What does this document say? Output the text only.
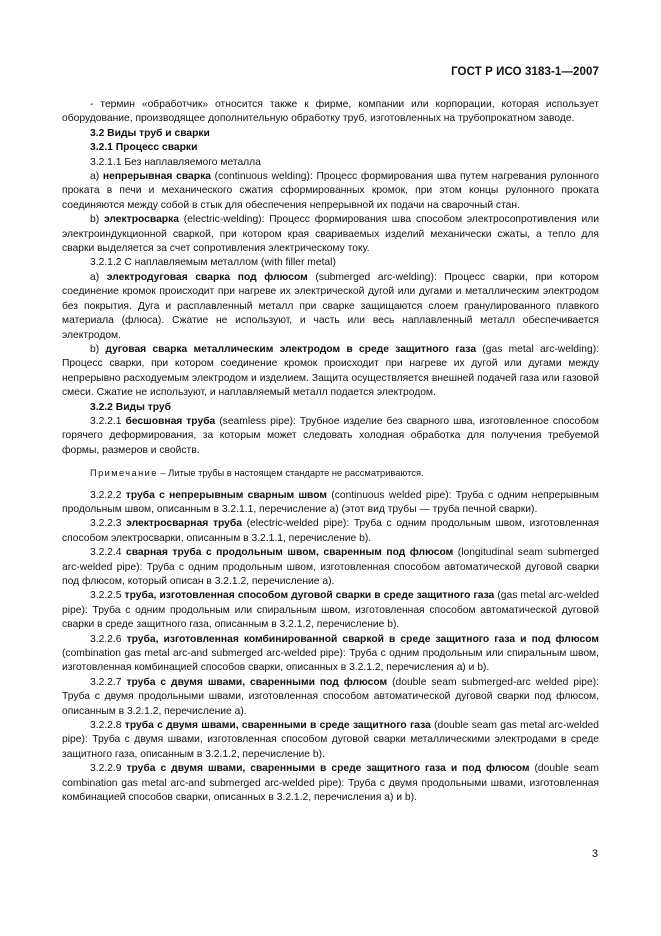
ГОСТ Р ИСО 3183-1—2007

- термин «обработчик» относится также к фирме, компании или корпорации, которая использует оборудование, производящее дополнительную обработку труб, изготовленных на трубопрокатном заводе.

3.2 Виды труб и сварки

3.2.1 Процесс сварки

3.2.1.1 Без наплавляемого металла

а) непрерывная сварка (continuous welding): Процесс формирования шва путем нагревания рулонного проката в печи и механического сжатия сформированных кромок, при этом концы рулонного проката соединяются между собой в стык для обеспечения непрерывной их подачи на сварочный стан.

b) электросварка (electric-welding): Процесс формирования шва способом электросопротивления или электроиндукционной сваркой, при котором края свариваемых изделий механически сжаты, а тепло для сварки выделяется за счет сопротивления электрическому току.

3.2.1.2 С наплавляемым металлом (with filler metal)

а) электродуговая сварка под флюсом (submerged arc-welding): Процесс сварки, при котором соединение кромок происходит при нагреве их электрической дугой или дугами и металлическим электродом без покрытия. Дуга и расплавленный металл при сварке защищаются слоем гранулированного плавкого материала (флюса). Сжатие не используют, и часть или весь наплавленный металл обеспечивается электродом.

b) дуговая сварка металлическим электродом в среде защитного газа (gas metal arc-welding): Процесс сварки, при котором соединение кромок происходит при нагреве их дугой или дугами между непрерывно расходуемым электродом и изделием. Защита осуществляется внешней подачей газа или газовой смеси. Сжатие не используют, и наплавляемый металл подается электродом.

3.2.2 Виды труб

3.2.2.1 бесшовная труба (seamless pipe): Трубное изделие без сварного шва, изготовленное способом горячего деформирования, за которым может следовать холодная обработка для получения требуемой формы, размеров и свойств.

Примечание – Литые трубы в настоящем стандарте не рассматриваются.

3.2.2.2 труба с непрерывным сварным швом (continuous welded pipe): Труба с одним непрерывным продольным швом, описанным в 3.2.1.1, перечисление а) (этот вид трубы — труба печной сварки).

3.2.2.3 электросварная труба (electric-welded pipe): Труба с одним продольным швом, изготовленная способом электросварки, описанным в 3.2.1.1, перечисление b).

3.2.2.4 сварная труба с продольным швом, сваренным под флюсом (longitudinal seam submerged arc-welded pipe): Труба с одним продольным швом, изготовленная способом автоматической дуговой сварки под флюсом, который описан в 3.2.1.2, перечисление а).

3.2.2.5 труба, изготовленная способом дуговой сварки в среде защитного газа (gas metal arc-welded pipe): Труба с одним продольным или спиральным швом, изготовленная способом автоматической дуговой сварки в среде защитного газа, описанным в 3.2.1.2, перечисление b).

3.2.2.6 труба, изготовленная комбинированной сваркой в среде защитного газа и под флюсом (combination gas metal arc-and submerged arc-welded pipe): Труба с одним продольным или спиральным швом, изготовленная комбинацией способов сварки, описанных в 3.2.1.2, перечисления а) и b).

3.2.2.7 труба с двумя швами, сваренными под флюсом (double seam submerged-arc welded pipe): Труба с двумя продольными швами, изготовленная способом автоматической дуговой сварки под флюсом, описанным в 3.2.1.2, перечисление а).

3.2.2.8 труба с двумя швами, сваренными в среде защитного газа (double seam gas metal arc-welded pipe): Труба с двумя швами, изготовленная способом дуговой сварки металлическими электродами в среде защитного газа, описанным в 3.2.1.2, перечисление b).

3.2.2.9 труба с двумя швами, сваренными в среде защитного газа и под флюсом (double seam combination gas metal arc-and submerged arc-welded pipe): Труба с двумя продольными швами, изготовленная комбинацией способов сварки, описанных в 3.2.1.2, перечисления а) и b).

3
